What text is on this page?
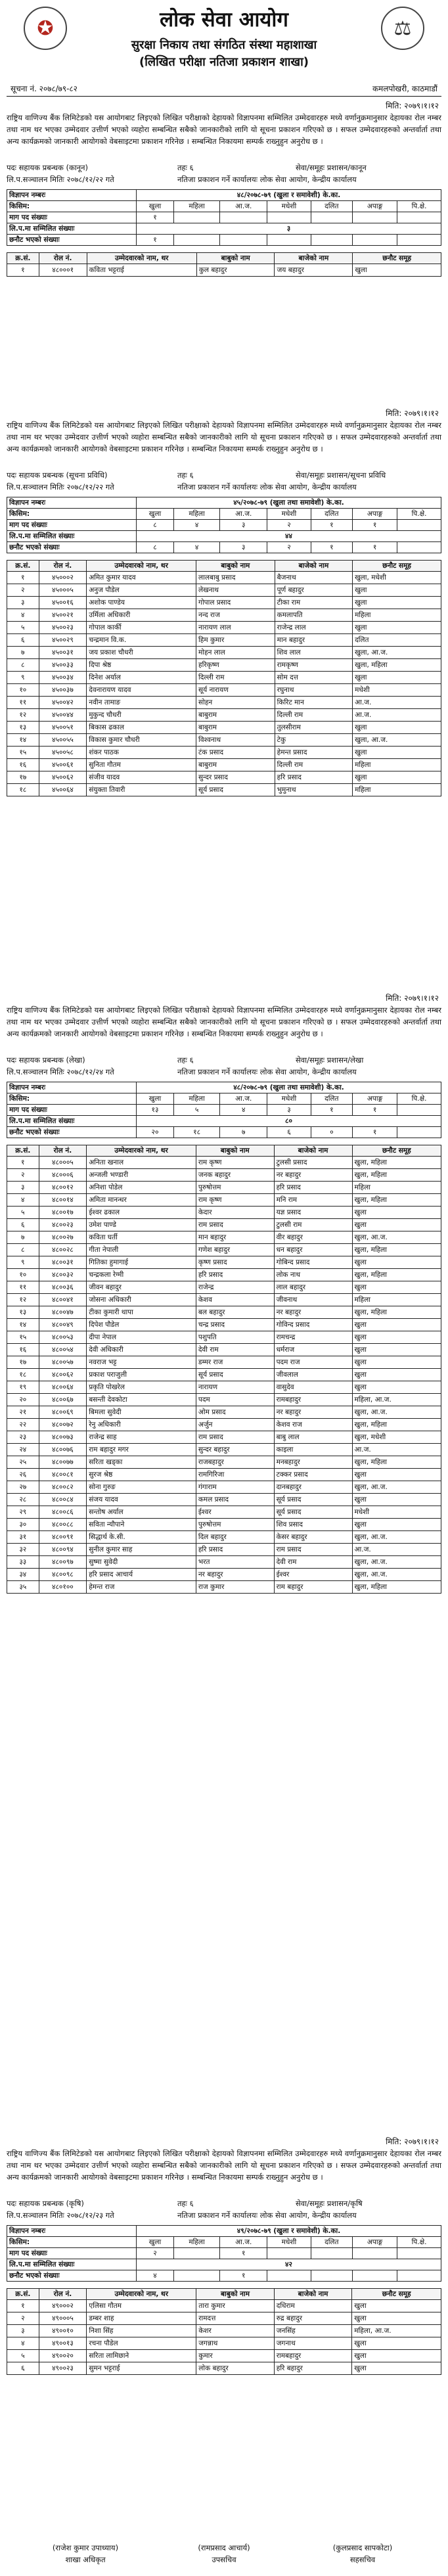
✪	⚖
लोक सेवा आयोग
सुरक्षा निकाय तथा संगठित संस्था महाशाखा
(लिखित परीक्षा नतिजा प्रकाशन शाखा)
सूचना नं. २०७८/७९-८२	कमलपोखरी, काठमाडौं
मिति: २०७९।१।१२
राष्ट्रिय वाणिज्य बैंक लिमिटेडको यस आयोगबाट लिइएको लिखित परीक्षाको देहायको विज्ञापनमा सम्मिलित उम्मेदवारहरु मध्ये वर्णानुक्रमानुसार देहायका रोल नम्बर तथा नाम थर भएका उम्मेदवार उत्तीर्ण भएको व्यहोरा सम्बन्धित सबैको जानकारीको लागि यो सूचना प्रकाशन गरिएको छ । सफल उम्मेदवारहरुको अन्तर्वार्ता तथा अन्य कार्यक्रमको जानकारी आयोगको वेबसाइटमा प्रकाशन गरिनेछ । सम्बन्धित निकायमा सम्पर्क राख्नुहुन अनुरोध छ ।
पदः सहायक प्रबन्धक (कानून)	तहः ६	सेवा/समूहः प्रशासन/कानून
लि.प.सञ्चालन मितिः २०७८/१२/२२ गते	नतिजा प्रकाशन गर्ने कार्यालयः लोक सेवा आयोग, केन्द्रीय कार्यालय
विज्ञापन नम्बरः	४८/२०७८-७९ (खुला र समावेशी) के.का.						
किसिम:	खुला	महिला	आ.ज.	मधेशी	दलित	अपाङ्ग	पि.क्षे.
माग पद संख्याः	१						
लि.प.मा सम्मिलित संख्याः	३						
छनौट भएको संख्याः	१						
क्र.सं.	रोल नं.	उम्मेदवारको नाम, थर	बाबुको नाम	बाजेको नाम	छनौट समूह
१	४८०००१	कविता भट्टराई	कुल बहादुर	जय बहादुर	खुला
मिति: २०७९।१।१२
राष्ट्रिय वाणिज्य बैंक लिमिटेडको यस आयोगबाट लिइएको लिखित परीक्षाको देहायको विज्ञापनमा सम्मिलित उम्मेदवारहरु मध्ये वर्णानुक्रमानुसार देहायका रोल नम्बर तथा नाम थर भएका उम्मेदवार उत्तीर्ण भएको व्यहोरा सम्बन्धित सबैको जानकारीको लागि यो सूचना प्रकाशन गरिएको छ । सफल उम्मेदवारहरुको अन्तर्वार्ता तथा अन्य कार्यक्रमको जानकारी आयोगको वेबसाइटमा प्रकाशन गरिनेछ । सम्बन्धित निकायमा सम्पर्क राख्नुहुन अनुरोध छ ।
पदः सहायक प्रबन्धक (सूचना प्रविधि)	तहः ६	सेवा/समूहः प्रशासन/सूचना प्रविधि
लि.प.सञ्चालन मितिः २०७८/१२/२२ गते	नतिजा प्रकाशन गर्ने कार्यालयः लोक सेवा आयोग, केन्द्रीय कार्यालय
विज्ञापन नम्बरः	४५/२०७८-७९ (खुला तथा समावेशी) के.का.						
किसिम:	खुला	महिला	आ.ज.	मधेशी	दलित	अपाङ्ग	पि.क्षे.
माग पद संख्याः	८	४	३	२	१	१	
लि.प.मा सम्मिलित संख्याः	४४						
छनौट भएको संख्याः	८	४	३	२	१	१	
क्र.सं.	रोल नं.	उम्मेदवारको नाम, थर	बाबुको नाम	बाजेको नाम	छनौट समूह
१	४५०००२	अमित कुमार यादव	लालबाबु प्रसाद	बैजनाथ	खुला, मधेशी
२	४५०००५	अनुज पौडेल	लेखनाथ	पूर्ण बहादुर	खुला
३	४५००१६	अशोक पाण्डेय	गोपाल प्रसाद	टीका राम	खुला
४	४५००२१	उर्मिला अधिकारी	नन्द राज	कमलापति	महिला
५	४५००२३	गोपाल कार्की	नारायण लाल	राजेन्द्र लाल	खुला
६	४५००२९	चन्द्रमान वि.क.	हिम कुमार	मान बहादुर	दलित
७	४५००३१	जय प्रकाश चौधरी	मोहन लाल	शिव लाल	खुला, आ.ज.
८	४५००३३	दिपा श्रेष्ठ	हरिकृष्ण	रामकृष्ण	खुला, महिला
९	४५००३४	दिनेश अर्याल	दिल्ली राम	सोम दत्त	खुला
१०	४५००३७	देवनारायण यादव	सूर्य नारायण	रघुनाथ	मधेशी
११	४५००४२	नवीन तामाङ	सोहन	किरिट मान	आ.ज.
१२	४५००४४	मुकुन्द चौधरी	बाबुराम	दिल्ली राम	आ.ज.
१३	४५००५१	बिकास ढकाल	बाबुराम	तुलसीराम	खुला
१४	४५००५५	विकास कुमार चौधरी	विश्वनाथ	टेकु	खुला, आ.ज.
१५	४५००५८	शंकर पाठक	टंक प्रसाद	हेमन्त प्रसाद	खुला
१६	४५००६१	सुनिता गौतम	बाबुराम	दिल्ली राम	महिला
१७	४५००६२	संजीव यादव	सुन्दर प्रसाद	हरि प्रसाद	खुला
१८	४५००६४	संयुक्ता तिवारी	सूर्य प्रसाद	भुमुनाथ	महिला
मिति: २०७९।१।१२
राष्ट्रिय वाणिज्य बैंक लिमिटेडको यस आयोगबाट लिइएको लिखित परीक्षाको देहायको विज्ञापनमा सम्मिलित उम्मेदवारहरु मध्ये वर्णानुक्रमानुसार देहायका रोल नम्बर तथा नाम थर भएका उम्मेदवार उत्तीर्ण भएको व्यहोरा सम्बन्धित सबैको जानकारीको लागि यो सूचना प्रकाशन गरिएको छ । सफल उम्मेदवारहरुको अन्तर्वार्ता तथा अन्य कार्यक्रमको जानकारी आयोगको वेबसाइटमा प्रकाशन गरिनेछ । सम्बन्धित निकायमा सम्पर्क राख्नुहुन अनुरोध छ ।
पदः सहायक प्रबन्धक (लेखा)	तहः ६	सेवा/समूहः प्रशासन/लेखा
लि.प.सञ्चालन मितिः २०७८/१२/२४ गते	नतिजा प्रकाशन गर्ने कार्यालयः लोक सेवा आयोग, केन्द्रीय कार्यालय
विज्ञापन नम्बरः	४८/२०७८-७९ (खुला तथा समावेशी) के.का.						
किसिम:	खुला	महिला	आ.ज.	मधेशी	दलित	अपाङ्ग	पि.क्षे.
माग पद संख्याः	१३	५	४	३	१	१	
लि.प.मा सम्मिलित संख्याः	८०						
छनौट भएको संख्याः	२०	१८	७	६	०	१	
क्र.सं.	रोल नं.	उम्मेदवारको नाम, थर	बाबुको नाम	बाजेको नाम	छनौट समूह
१	४८०००५	अनिता खनाल	राम कृष्ण	टुलसी प्रसाद	खुला, महिला
२	४८०००६	अन्जली भण्डारी	जनक बहादुर	नर बहादुर	खुला, महिला
३	४८००१२	अनिशा पोडेल	पुरुषोत्तम	हरि प्रसाद	महिला
४	४८००१४	अमिता मानन्धर	राम कृष्ण	मनि राम	खुला, महिला
५	४८००१७	ईश्वर ढकाल	केदार	यज्ञ प्रसाद	खुला
६	४८००२३	उमेश पाण्डे	राम प्रसाद	टुलसी राम	खुला
७	४८००२७	कविता घर्ती	मान बहादुर	वीर बहादुर	खुला, आ.ज.
८	४८००२८	गीता नेपाली	गणेश बहादुर	धन बहादुर	खुला, महिला
९	४८००३१	गितिका हुमागाई	कृष्ण प्रसाद	गोबिन्द प्रसाद	खुला
१०	४८००३२	चन्द्रकला रेग्मी	हरि प्रसाद	लोक नाथ	खुला, महिला
११	४८००३६	जीवन बहादुर	राजेन्द्र	लाल बहादुर	खुला
१२	४८००४१	जोसना अधिकारी	केशव	जीवनाथ	महिला
१३	४८००४७	टीका कुमारी थापा	बल बहादुर	नर बहादुर	खुला, महिला
१४	४८००४९	दिपेश पौडेल	चन्द्र प्रसाद	गोविन्द प्रसाद	खुला
१५	४८००५३	दीपा नेपाल	पशुपति	रामचन्द्र	खुला
१६	४८००५४	देवी अधिकारी	देवी राम	धर्मराज	खुला
१७	४८००५७	नवराज भट्ट	डम्मर राज	पदम राज	खुला
१८	४८००६२	प्रकाश पराजुली	सूर्य प्रसाद	जीवलाल	खुला
१९	४८००६४	प्रकृति पोखरेल	नारायण	वासुदेव	खुला
२०	४८००६७	बसन्ती देवकोटा	पदम	रामबहादुर	महिला, आ.ज.
२१	४८००६९	बिमला सुवेदी	ओम प्रसाद	नर बहादुर	खुला, आ.ज.
२२	४८००७२	रेनु अधिकारी	अर्जुन	केशव राज	खुला, महिला
२३	४८००७३	राजेन्द्र साह	राम प्रसाद	बाबु लाल	खुला, मधेशी
२४	४८००७६	राम बहादुर मगर	सुन्दर बहादुर	काइला	आ.ज.
२५	४८००७७	सरिता खड्का	राजबहादुर	मनबहादुर	खुला, महिला
२६	४८००८१	सुरज श्रेष्ठ	रामगिरिजा	टक्कर प्रसाद	खुला
२७	४८००८२	सोना गुरुङ	गंगाराम	दानबहादुर	खुला, आ.ज.
२८	४८००८४	संजय यादव	कमल प्रसाद	सूर्य प्रसाद	खुला
२९	४८००८६	सन्तोष अर्याल	ईश्वर	सूर्य प्रसाद	मधेशी
३०	४८००८८	सविता न्यौपाने	पुरुषोत्तम	शिव प्रसाद	खुला
३१	४८००९१	सिद्धार्थ के.सी.	दिल बहादुर	केसर बहादुर	खुला, आ.ज.
३२	४८००९४	सुनील कुमार साह	हरि प्रसाद	राम प्रसाद	आ.ज.
३३	४८००९७	सुष्मा सुवेदी	भरत	देवी राम	खुला, आ.ज.
३४	४८००९८	हरि प्रसाद आचार्य	नर बहादुर	ईश्वर	खुला, आ.ज.
३५	४८०१००	हेमन्त राज	राज कुमार	राम बहादुर	खुला, महिला
मिति: २०७९।१।१२
राष्ट्रिय वाणिज्य बैंक लिमिटेडको यस आयोगबाट लिइएको लिखित परीक्षाको देहायको विज्ञापनमा सम्मिलित उम्मेदवारहरु मध्ये वर्णानुक्रमानुसार देहायका रोल नम्बर तथा नाम थर भएका उम्मेदवार उत्तीर्ण भएको व्यहोरा सम्बन्धित सबैको जानकारीको लागि यो सूचना प्रकाशन गरिएको छ । सफल उम्मेदवारहरुको अन्तर्वार्ता तथा अन्य कार्यक्रमको जानकारी आयोगको वेबसाइटमा प्रकाशन गरिनेछ । सम्बन्धित निकायमा सम्पर्क राख्नुहुन अनुरोध छ ।
पदः सहायक प्रबन्धक (कृषि)	तहः ६	सेवा/समूहः प्रशासन/कृषि
लि.प.सञ्चालन मितिः २०७८/१२/२३ गते	नतिजा प्रकाशन गर्ने कार्यालयः लोक सेवा आयोग, केन्द्रीय कार्यालय
विज्ञापन नम्बरः	४९/२०७८-७९ (खुला र समावेशी) के.का.						
किसिम:	खुला	महिला	आ.ज.	मधेशी	दलित	अपाङ्ग	पि.क्षे.
माग पद संख्याः	२		१				
लि.प.मा सम्मिलित संख्याः	४२						
छनौट भएको संख्याः	४		१				
क्र.सं.	रोल नं.	उम्मेदवारको नाम, थर	बाबुको नाम	बाजेको नाम	छनौट समूह
१	४९०००२	एलिसा गौतम	तारा कुमार	दधिराम	खुला
२	४९०००५	डम्बर शाह	रामदत्त	रुद्र बहादुर	खुला
३	४९००१०	निशा सिंह	केशर	जनसिंह	महिला, आ.ज.
४	४९००१३	रचना पौडेल	जगन्नाथ	जगनाथ	खुला
५	४९००२०	सरिता लामिछाने	कुमार	रामबहादुर	खुला
६	४९००२३	सुमन भट्टराई	लोक बहादुर	हरि बहादुर	खुला
(राजेश कुमार उपाध्याय)
शाखा अधिकृत
(रामप्रसाद आचार्य)
उपसचिव
(कुलप्रसाद सापकोटा)
सहसचिव
